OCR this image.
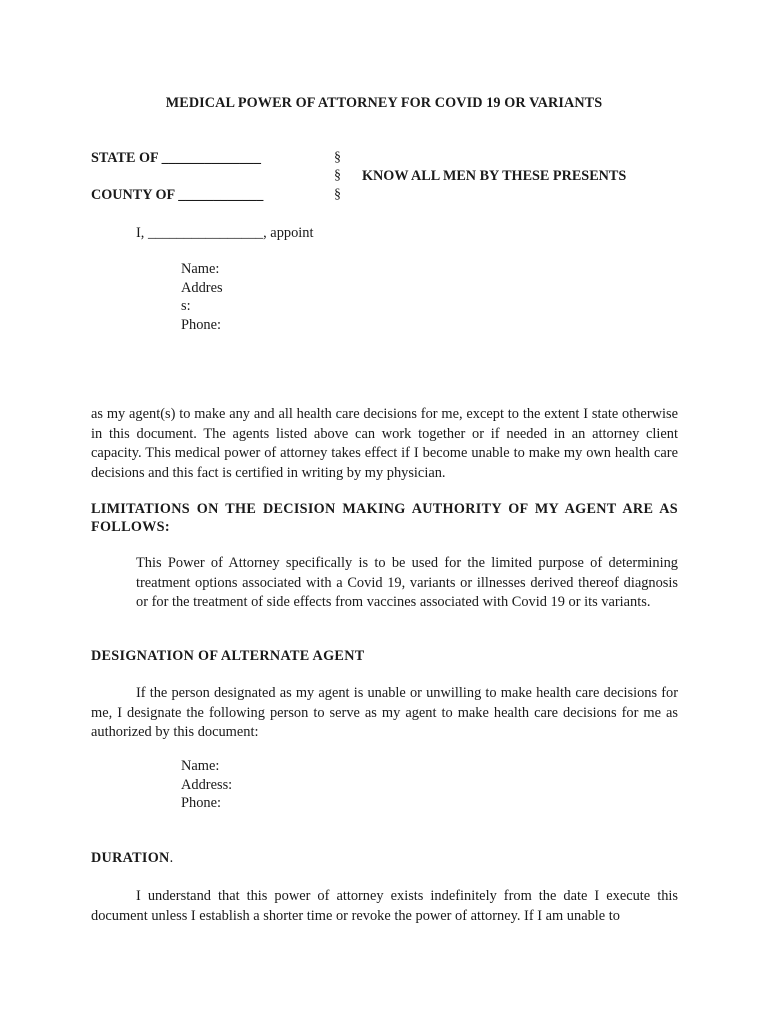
MEDICAL POWER OF ATTORNEY FOR COVID 19 OR VARIANTS

STATE OF ______________	§

§ KNOW ALL MEN BY THESE PRESENTS

COUNTY OF ____________	§

I, ________________, appoint

Name:
Addres
s:
Phone:

as my agent(s) to make any and all health care decisions for me, except to the extent I state otherwise in this document. The agents listed above can work together or if needed in an attorney client capacity. This medical power of attorney takes effect if I become unable to make my own health care decisions and this fact is certified in writing by my physician.

LIMITATIONS ON THE DECISION MAKING AUTHORITY OF MY AGENT ARE AS FOLLOWS:

This Power of Attorney specifically is to be used for the limited purpose of determining treatment options associated with a Covid 19, variants or illnesses derived thereof diagnosis or for the treatment of side effects from vaccines associated with Covid 19 or its variants.

DESIGNATION OF ALTERNATE AGENT

If the person designated as my agent is unable or unwilling to make health care decisions for me, I designate the following person to serve as my agent to make health care decisions for me as authorized by this document:

Name:
Address:
Phone:

DURATION.

I understand that this power of attorney exists indefinitely from the date I execute this document unless I establish a shorter time or revoke the power of attorney. If I am unable to
